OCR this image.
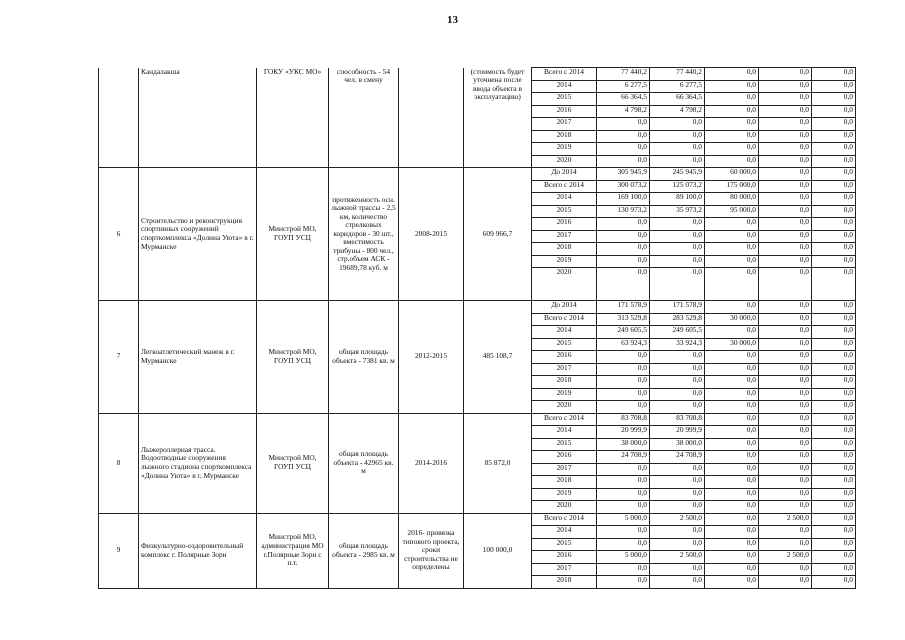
13
	Кандалакша	ГОКУ «УКС МО»	способность - 54 чел. в смену		(стоимость будет уточнена после ввода объекта в эксплуатацию)	Всего с 2014	77 440,2	77 440,2	0,0	0,0	0,0
						2014	6 277,5	6 277,5	0,0	0,0	0,0
						2015	66 364,5	66 364,5	0,0	0,0	0,0
						2016	4 798,2	4 798,2	0,0	0,0	0,0
						2017	0,0	0,0	0,0	0,0	0,0
						2018	0,0	0,0	0,0	0,0	0,0
						2019	0,0	0,0	0,0	0,0	0,0
						2020	0,0	0,0	0,0	0,0	0,0
6	Строительство и реконструкция спортивных сооружений спорткомплекса «Долина Уюта» в г. Мурманске	Минстрой МО, ГОУП УСЦ	протяженность осн. лыжной трассы - 2,5 км, количество стрелковых коридоров - 30 шт., вместимость трибуны - 800 чел., стр.объем АСК - 19689,78 куб. м	2008-2015	609 966,7	До 2014	305 945,9	245 945,9	60 000,0	0,0	0,0
						Всего с 2014	300 073,2	125 073,2	175 000,0	0,0	0,0
						2014	169 100,0	89 100,0	80 000,0	0,0	0,0
						2015	130 973,2	35 973,2	95 000,0	0,0	0,0
						2016	0,0	0,0	0,0	0,0	0,0
						2017	0,0	0,0	0,0	0,0	0,0
						2018	0,0	0,0	0,0	0,0	0,0
						2019	0,0	0,0	0,0	0,0	0,0
						2020	0,0	0,0	0,0	0,0	0,0
7	Легкоатлетический манеж в г. Мурманске	Минстрой МО, ГОУП УСЦ	общая площадь объекта - 7381 кв. м	2012-2015	485 108,7	До 2014	171 578,9	171 578,9	0,0	0,0	0,0
						Всего с 2014	313 529,8	283 529,8	30 000,0	0,0	0,0
						2014	249 605,5	249 605,5	0,0	0,0	0,0
						2015	63 924,3	33 924,3	30 000,0	0,0	0,0
						2016	0,0	0,0	0,0	0,0	0,0
						2017	0,0	0,0	0,0	0,0	0,0
						2018	0,0	0,0	0,0	0,0	0,0
						2019	0,0	0,0	0,0	0,0	0,0
						2020	0,0	0,0	0,0	0,0	0,0
8	Лыжероллерная трасса. Водоотводные сооружения лыжного стадиона спорткомплекса «Долина Уюта» в г. Мурманске	Минстрой МО, ГОУП УСЦ	общая площадь объекта - 42965 кв. м	2014-2016	85 872,0	Всего с 2014	83 708,8	83 708,8	0,0	0,0	0,0
						2014	20 999,9	20 999,9	0,0	0,0	0,0
						2015	38 000,0	38 000,0	0,0	0,0	0,0
						2016	24 708,9	24 708,9	0,0	0,0	0,0
						2017	0,0	0,0	0,0	0,0	0,0
						2018	0,0	0,0	0,0	0,0	0,0
						2019	0,0	0,0	0,0	0,0	0,0
						2020	0,0	0,0	0,0	0,0	0,0
9	Физкультурно-оздоровительный комплекс г. Полярные Зори	Минстрой МО, администрация МО г.Полярные Зори с п.т.	общая площадь объекта - 2985 кв. м	2016- привязка типового проекта, сроки строительства не определены	100 000,0	Всего с 2014	5 000,0	2 500,0	0,0	2 500,0	0,0
						2014	0,0	0,0	0,0	0,0	0,0
						2015	0,0	0,0	0,0	0,0	0,0
						2016	5 000,0	2 500,0	0,0	2 500,0	0,0
						2017	0,0	0,0	0,0	0,0	0,0
						2018	0,0	0,0	0,0	0,0	0,0
